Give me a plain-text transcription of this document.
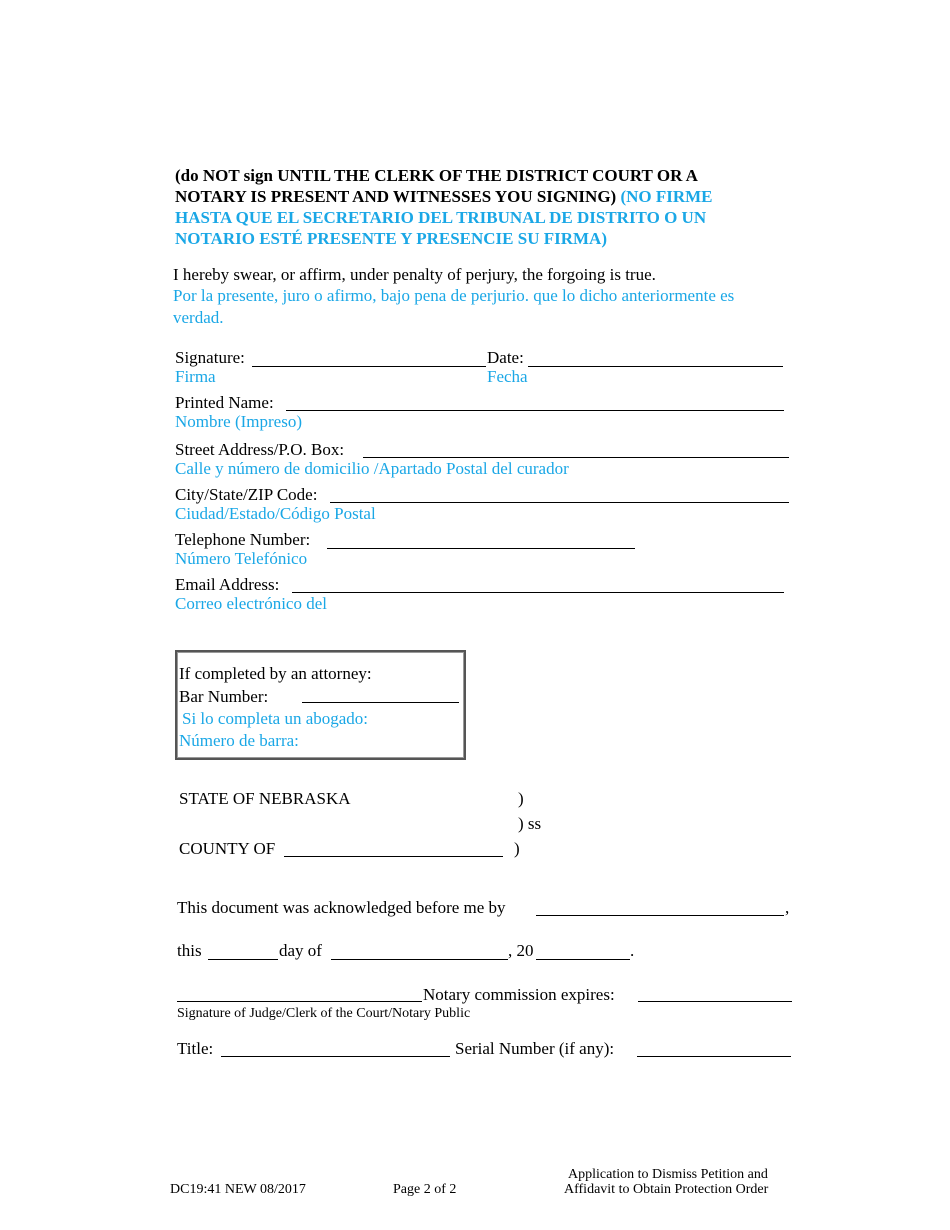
(do NOT sign UNTIL THE CLERK OF THE DISTRICT COURT OR A
NOTARY IS PRESENT AND WITNESSES YOU SIGNING) (NO FIRME
HASTA QUE EL SECRETARIO DEL TRIBUNAL DE DISTRITO O UN
NOTARIO ESTÉ PRESENTE Y PRESENCIE SU FIRMA)
I hereby swear, or affirm, under penalty of perjury, the forgoing is true.
Por la presente, juro o afirmo, bajo pena de perjurio. que lo dicho anteriormente es
verdad.
Signature:
Firma
Date:
Fecha
Printed Name:
Nombre (Impreso)
Street Address/P.O. Box:
Calle y número de domicilio /Apartado Postal del curador
City/State/ZIP Code:
Ciudad/Estado/Código Postal
Telephone Number:
Número Telefónico
Email Address:
Correo electrónico del
If completed by an attorney:
Bar Number:
Si lo completa un abogado:
Número de barra:
STATE OF NEBRASKA	)
) ss
COUNTY OF	)
This document was acknowledged before me by	,
this	day of	, 20	.
Notary commission expires:
Signature of Judge/Clerk of the Court/Notary Public
Title:	Serial Number (if any):
DC19:41 NEW 08/2017	Page 2 of 2
Application to Dismiss Petition and
Affidavit to Obtain Protection Order
